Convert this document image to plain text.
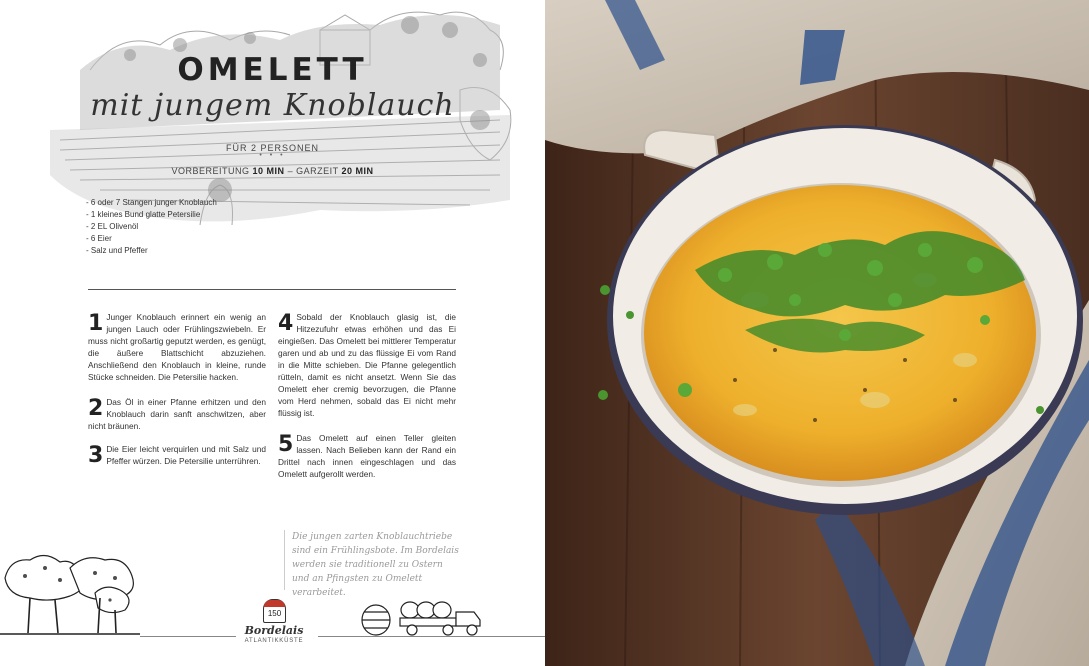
OMELETT
mit jungem Knoblauch
FÜR 2 PERSONEN
• • •
VORBEREITUNG 10 MIN – GARZEIT 20 MIN
- 6 oder 7 Stangen junger Knoblauch
- 1 kleines Bund glatte Petersilie
- 2 EL Olivenöl
- 6 Eier
- Salz und Pfeffer
1 Junger Knoblauch erinnert ein wenig an jungen Lauch oder Frühlingszwiebeln. Er muss nicht großartig geputzt werden, es genügt, die äußere Blattschicht abzuziehen. Anschließend den Knoblauch in kleine, runde Stücke schneiden. Die Petersilie hacken.
2 Das Öl in einer Pfanne erhitzen und den Knoblauch darin sanft anschwitzen, aber nicht bräunen.
3 Die Eier leicht verquirlen und mit Salz und Pfeffer würzen. Die Petersilie unterrühren.
4 Sobald der Knoblauch glasig ist, die Hitzezufuhr etwas erhöhen und das Ei eingießen. Das Omelett bei mittlerer Temperatur garen und ab und zu das flüssige Ei vom Rand in die Mitte schieben. Die Pfanne gelegentlich rütteln, damit es nicht ansetzt. Wenn Sie das Omelett eher cremig bevorzugen, die Pfanne vom Herd nehmen, sobald das Ei nicht mehr flüssig ist.
5 Das Omelett auf einen Teller gleiten lassen. Nach Belieben kann der Rand ein Drittel nach innen eingeschlagen und das Omelett aufgerollt werden.
Die jungen zarten Knoblauchtriebe sind ein Frühlingsbote. Im Bordelais werden sie traditionell zu Ostern und an Pfingsten zu Omelett verarbeitet.
150
Bordelais
ATLANTIKKÜSTE
